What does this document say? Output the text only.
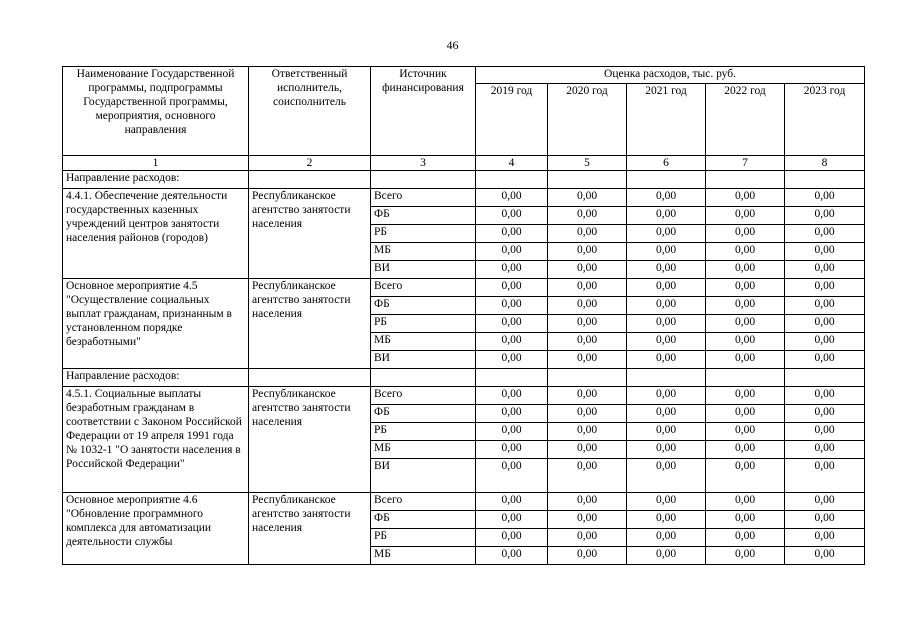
46
Наименование Государственной программы, подпрограммы Государственной программы, мероприятия, основного направления	Ответственный исполнитель, соисполнитель	Источник финансирования	Оценка расходов, тыс. руб.				
			2019 год	2020 год	2021 год	2022 год	2023 год
1	2	3	4	5	6	7	8
Направление расходов:							
4.4.1. Обеспечение деятельности государственных казенных учреждений центров занятости населения районов (городов)	Республиканское агентство занятости населения	Всего	0,00	0,00	0,00	0,00	0,00
		ФБ	0,00	0,00	0,00	0,00	0,00
		РБ	0,00	0,00	0,00	0,00	0,00
		МБ	0,00	0,00	0,00	0,00	0,00
		ВИ	0,00	0,00	0,00	0,00	0,00
Основное мероприятие 4.5 "Осуществление социальных выплат гражданам, признанным в установленном порядке безработными"	Республиканское агентство занятости населения	Всего	0,00	0,00	0,00	0,00	0,00
		ФБ	0,00	0,00	0,00	0,00	0,00
		РБ	0,00	0,00	0,00	0,00	0,00
		МБ	0,00	0,00	0,00	0,00	0,00
		ВИ	0,00	0,00	0,00	0,00	0,00
Направление расходов:							
4.5.1. Социальные выплаты безработным гражданам в соответствии с Законом Российской Федерации от 19 апреля 1991 года № 1032-1 "О занятости населения в Российской Федерации"	Республиканское агентство занятости населения	Всего	0,00	0,00	0,00	0,00	0,00
		ФБ	0,00	0,00	0,00	0,00	0,00
		РБ	0,00	0,00	0,00	0,00	0,00
		МБ	0,00	0,00	0,00	0,00	0,00
		ВИ	0,00	0,00	0,00	0,00	0,00
Основное мероприятие 4.6 "Обновление программного комплекса для автоматизации деятельности службы	Республиканское агентство занятости населения	Всего	0,00	0,00	0,00	0,00	0,00
		ФБ	0,00	0,00	0,00	0,00	0,00
		РБ	0,00	0,00	0,00	0,00	0,00
		МБ	0,00	0,00	0,00	0,00	0,00
